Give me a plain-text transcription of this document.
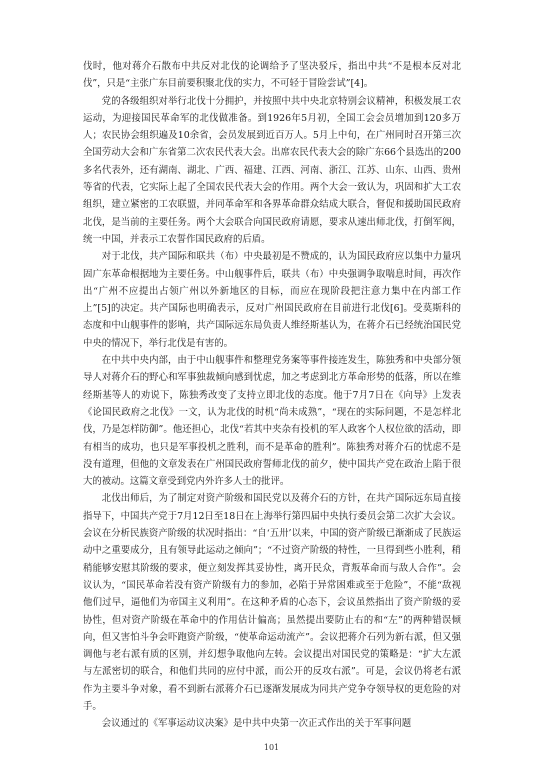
伐时，他对蒋介石散布中共反对北伐的论调给予了坚决驳斥，指出中共“不是根本反对北伐”，只是“主张广东目前要积聚北伐的实力，不可轻于冒险尝试”[4]。

党的各级组织对举行北伐十分拥护，并按照中共中央北京特别会议精神，积极发展工农运动，为迎接国民革命军的北伐做准备。到1926年5月初，全国工会会员增加到120多万人；农民协会组织遍及10余省，会员发展到近百万人。5月上中旬，在广州同时召开第三次全国劳动大会和广东省第二次农民代表大会。出席农民代表大会的除广东66个县选出的200多名代表外，还有湖南、湖北、广西、福建、江西、河南、浙江、江苏、山东、山西、贵州等省的代表，它实际上起了全国农民代表大会的作用。两个大会一致认为，巩固和扩大工农组织，建立紧密的工农联盟，并同革命军和各界革命群众结成大联合，督促和援助国民政府北伐，是当前的主要任务。两个大会联合向国民政府请愿，要求从速出师北伐，打倒军阀，统一中国，并表示工农誓作国民政府的后盾。

对于北伐，共产国际和联共（布）中央最初是不赞成的，认为国民政府应以集中力量巩固广东革命根据地为主要任务。中山舰事件后，联共（布）中央强调争取喘息时间，再次作出“广州不应提出占领广州以外新地区的目标，而应在现阶段把注意力集中在内部工作上”[5]的决定。共产国际也明确表示，反对广州国民政府在目前进行北伐[6]。受莫斯科的态度和中山舰事件的影响，共产国际远东局负责人维经斯基认为，在蒋介石已经统治国民党中央的情况下，举行北伐是有害的。

在中共中央内部，由于中山舰事件和整理党务案等事件接连发生，陈独秀和中央部分领导人对蒋介石的野心和军事独裁倾向感到忧虑，加之考虑到北方革命形势的低落，所以在维经斯基等人的劝说下，陈独秀改变了支持立即北伐的态度。他于7月7日在《向导》上发表《论国民政府之北伐》一文，认为北伐的时机“尚未成熟”，“现在的实际问题，不是怎样北伐，乃是怎样防御”。他还担心，北伐“若其中夹杂有投机的军人政客个人权位欲的活动，即有相当的成功，也只是军事投机之胜利，而不是革命的胜利”。陈独秀对蒋介石的忧虑不是没有道理，但他的文章发表在广州国民政府誓师北伐的前夕，使中国共产党在政治上陷于很大的被动。这篇文章受到党内外许多人士的批评。

北伐出师后，为了制定对资产阶级和国民党以及蒋介石的方针，在共产国际远东局直接指导下，中国共产党于7月12日至18日在上海举行第四届中央执行委员会第二次扩大会议。会议在分析民族资产阶级的状况时指出：“自‘五卅’以来，中国的资产阶级已渐渐成了民族运动中之重要成分，且有领导此运动之倾向”；“不过资产阶级的特性，一旦得到些小胜利，稍稍能够安慰其阶级的要求，便立刻发挥其妥协性，离开民众，背叛革命而与敌人合作”。会议认为，“国民革命若没有资产阶级有力的参加，必陷于异常困难或至于危险”，不能“敌视他们过早，逼他们为帝国主义利用”。在这种矛盾的心态下，会议虽然指出了资产阶级的妥协性，但对资产阶级在革命中的作用估计偏高；虽然提出要防止右的和“左”的两种错误倾向，但又害怕斗争会吓跑资产阶级，“使革命运动流产”。会议把蒋介石列为新右派，但又强调他与老右派有质的区别，并幻想争取他向左转。会议提出对国民党的策略是：“扩大左派与左派密切的联合，和他们共同的应付中派，而公开的反攻右派”。可是，会议仍将老右派作为主要斗争对象，看不到新右派蒋介石已逐渐发展成为同共产党争夺领导权的更危险的对手。

会议通过的《军事运动议决案》是中共中央第一次正式作出的关于军事问题

101
